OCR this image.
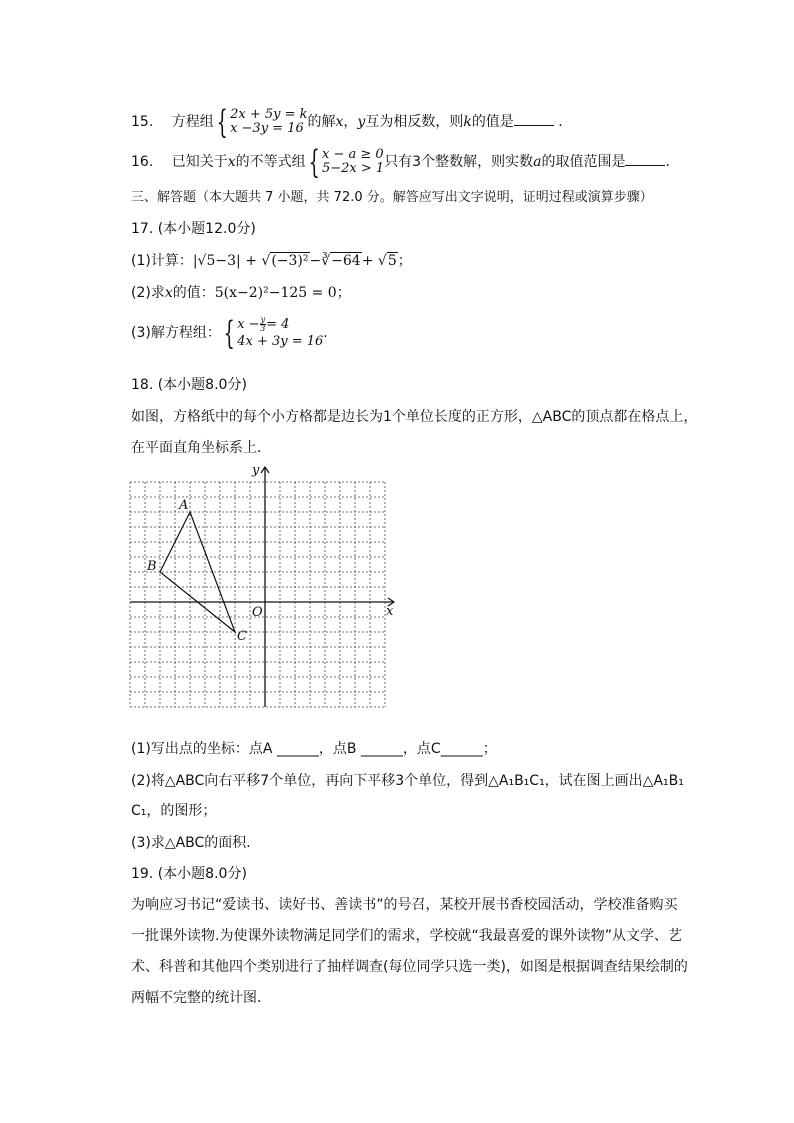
15. 方程组 { 2x + 5y = k
x −3y = 16 的解x，y互为相反数，则k的值是	.
16. 已知关于x的不等式组 { x − a ≥ 0
5−2x > 1 只有3个整数解，则实数a的取值范围是	.
三、解答题（本大题共 7 小题，共 72.0 分。解答应写出文字说明，证明过程或演算步骤）
17. (本小题12.0分)
(1)计算：|√5−3| + √(−3)²−∛−64+ √5；
(2)求x的值：5(x−2)²−125 = 0；
(3)解方程组： { $x - \frac{y}{3} = 4$
4x + 3y = 16
.
18. (本小题8.0分)
如图，方格纸中的每个小方格都是边长为1个单位长度的正方形，△ABC的顶点都在格点上，
在平面直角坐标系上．
A
B
C
O	x
y
(1)写出点的坐标：点A ______，点B ______，点C______；
(2)将△ABC向右平移7个单位，再向下平移3个单位，得到△A₁B₁C₁，试在图上画出△A₁B₁
C₁，的图形；
(3)求△ABC的面积．
19. (本小题8.0分)
为响应习书记“爱读书、读好书、善读书”的号召，某校开展书香校园活动，学校准备购买
一批课外读物.为使课外读物满足同学们的需求，学校就“我最喜爱的课外读物”从文学、艺
术、科普和其他四个类别进行了抽样调查(每位同学只选一类)，如图是根据调查结果绘制的
两幅不完整的统计图．
